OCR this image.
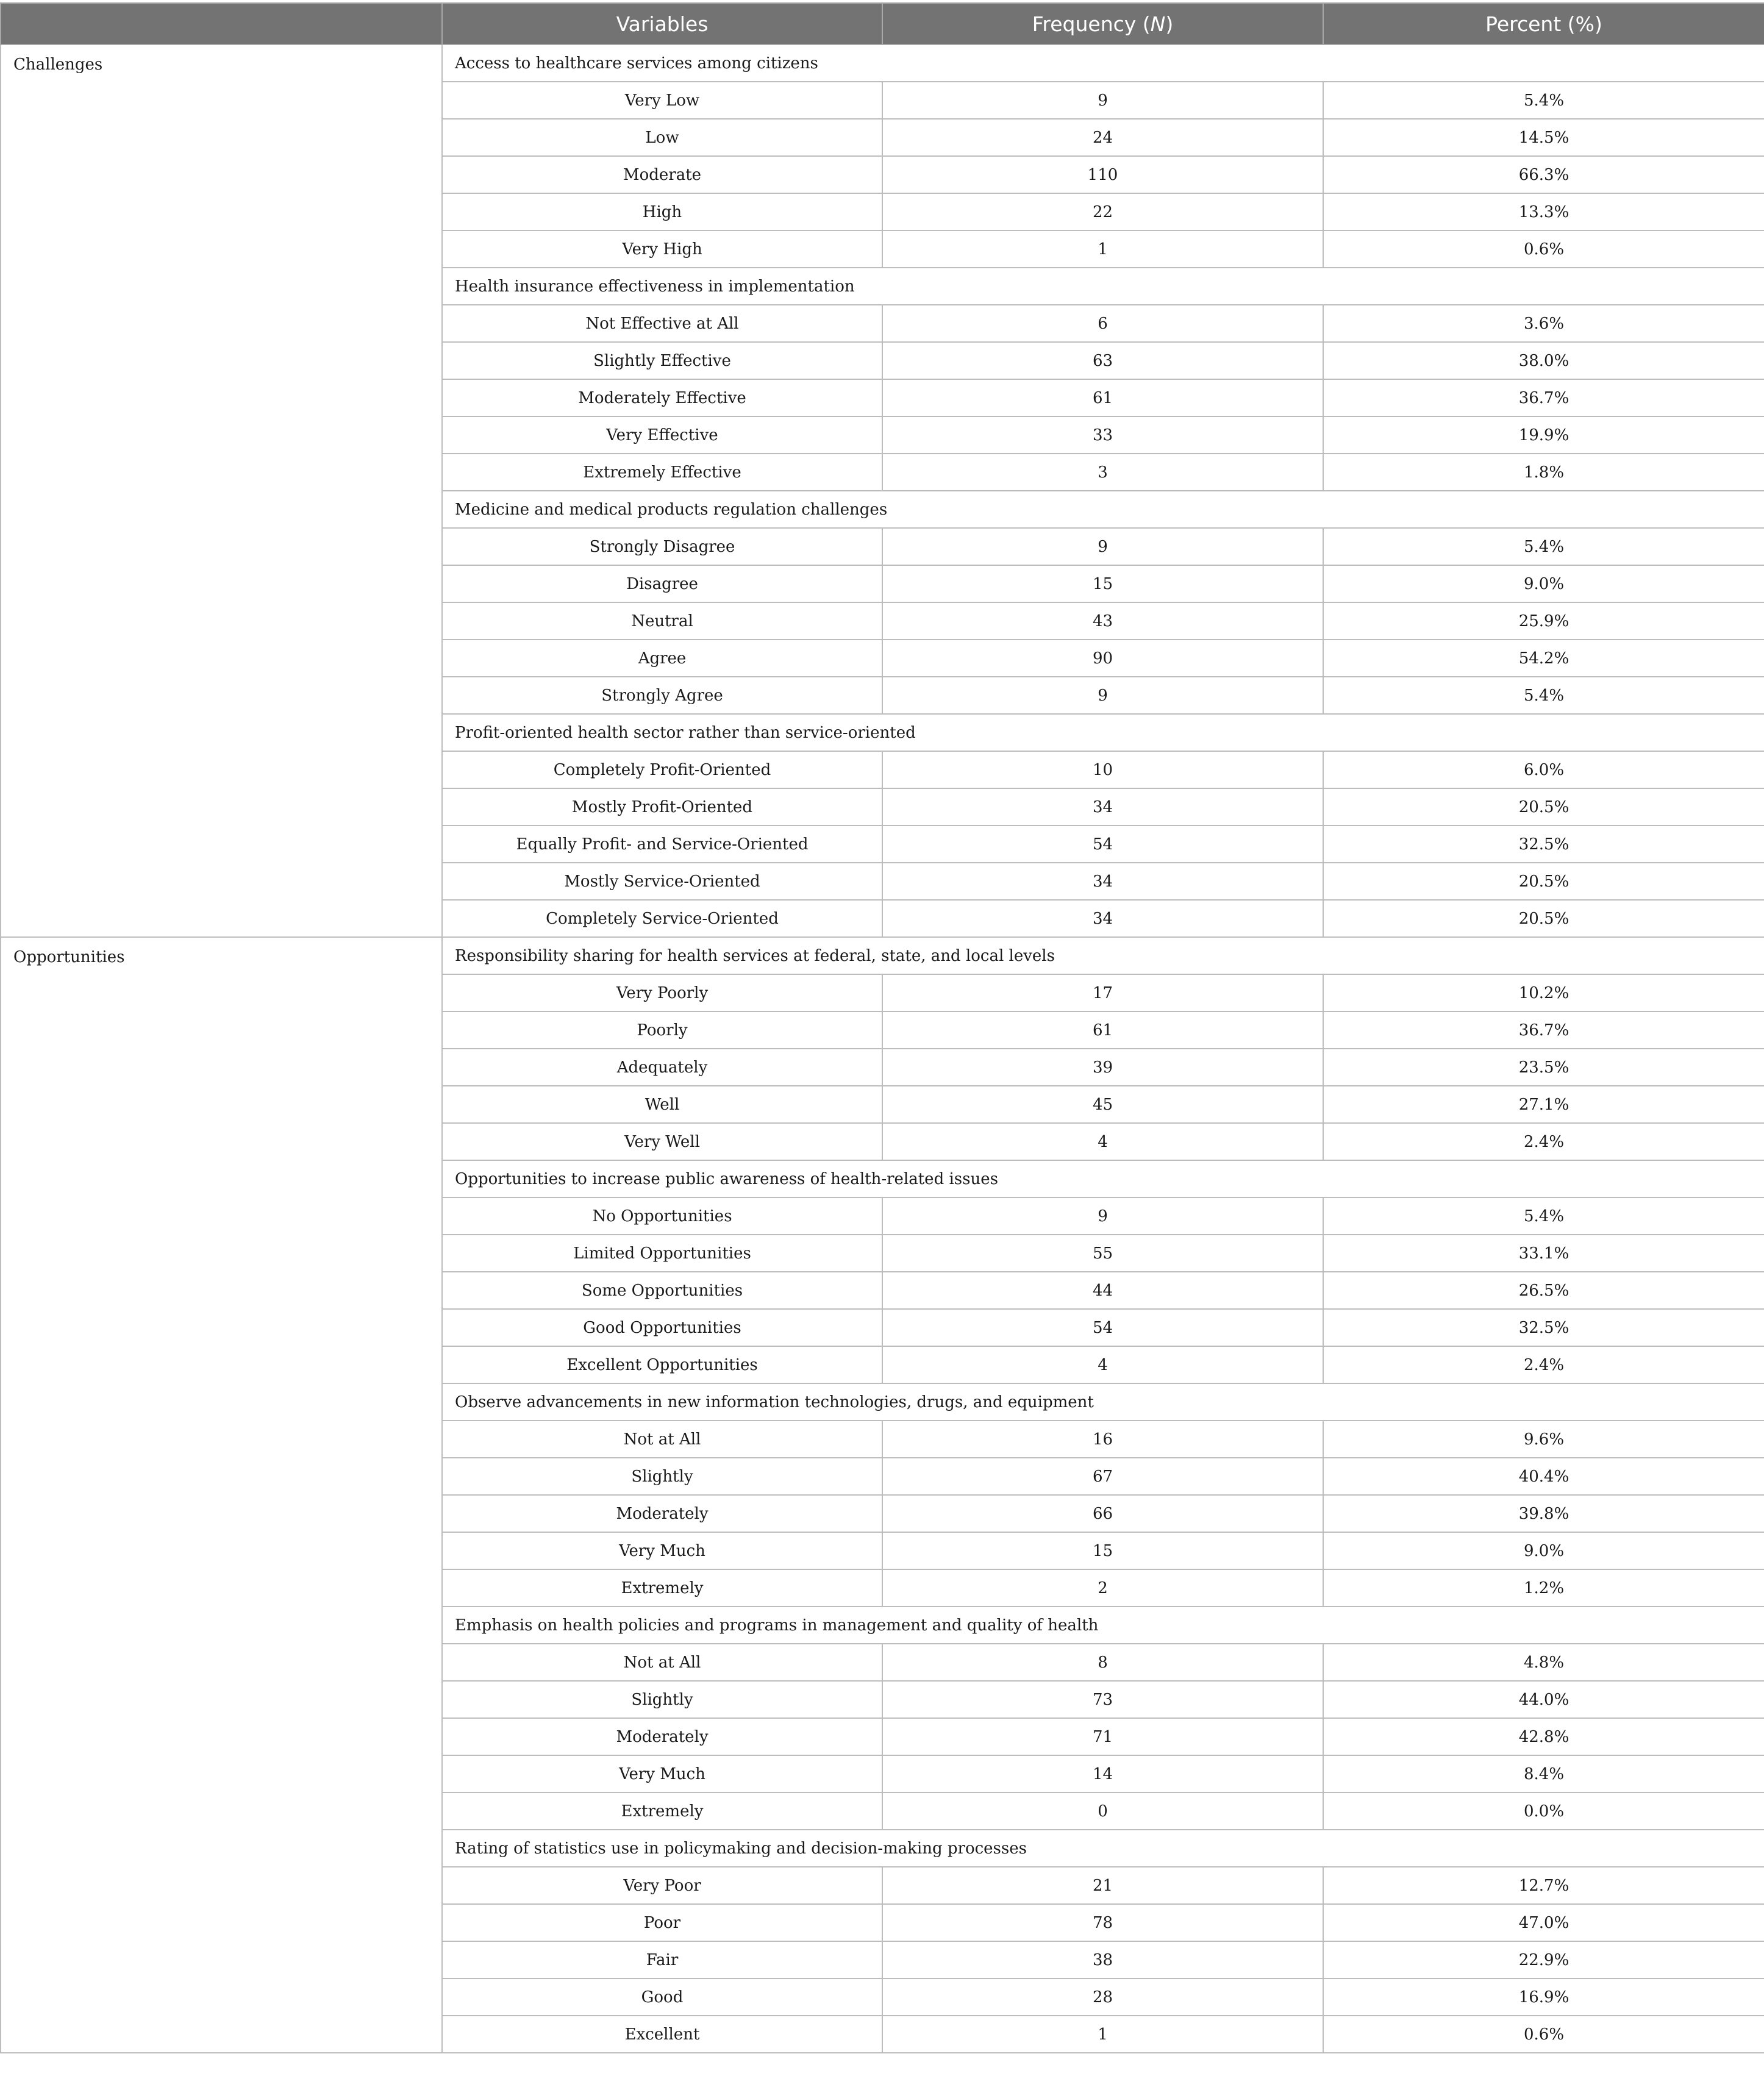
	Variables	Frequency (N)	Percent (%)
Challenges	Access to healthcare services among citizens		
	Very Low	9	5.4%
	Low	24	14.5%
	Moderate	110	66.3%
	High	22	13.3%
	Very High	1	0.6%
	Health insurance effectiveness in implementation		
	Not Effective at All	6	3.6%
	Slightly Effective	63	38.0%
	Moderately Effective	61	36.7%
	Very Effective	33	19.9%
	Extremely Effective	3	1.8%
	Medicine and medical products regulation challenges		
	Strongly Disagree	9	5.4%
	Disagree	15	9.0%
	Neutral	43	25.9%
	Agree	90	54.2%
	Strongly Agree	9	5.4%
	Profit-oriented health sector rather than service-oriented		
	Completely Profit-Oriented	10	6.0%
	Mostly Profit-Oriented	34	20.5%
	Equally Profit- and Service-Oriented	54	32.5%
	Mostly Service-Oriented	34	20.5%
	Completely Service-Oriented	34	20.5%
Opportunities	Responsibility sharing for health services at federal, state, and local levels		
	Very Poorly	17	10.2%
	Poorly	61	36.7%
	Adequately	39	23.5%
	Well	45	27.1%
	Very Well	4	2.4%
	Opportunities to increase public awareness of health-related issues		
	No Opportunities	9	5.4%
	Limited Opportunities	55	33.1%
	Some Opportunities	44	26.5%
	Good Opportunities	54	32.5%
	Excellent Opportunities	4	2.4%
	Observe advancements in new information technologies, drugs, and equipment		
	Not at All	16	9.6%
	Slightly	67	40.4%
	Moderately	66	39.8%
	Very Much	15	9.0%
	Extremely	2	1.2%
	Emphasis on health policies and programs in management and quality of health		
	Not at All	8	4.8%
	Slightly	73	44.0%
	Moderately	71	42.8%
	Very Much	14	8.4%
	Extremely	0	0.0%
	Rating of statistics use in policymaking and decision-making processes		
	Very Poor	21	12.7%
	Poor	78	47.0%
	Fair	38	22.9%
	Good	28	16.9%
	Excellent	1	0.6%
